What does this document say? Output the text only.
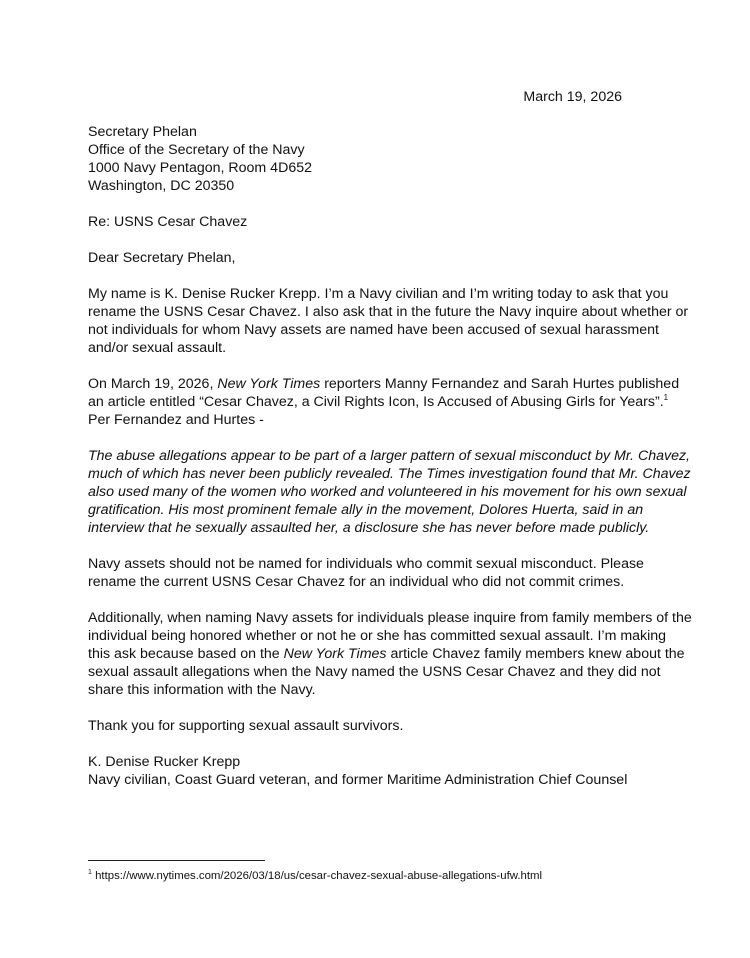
March 19, 2026
Secretary Phelan
Office of the Secretary of the Navy
1000 Navy Pentagon, Room 4D652
Washington, DC 20350
Re: USNS Cesar Chavez
Dear Secretary Phelan,
My name is K. Denise Rucker Krepp. I’m a Navy civilian and I’m writing today to ask that you
rename the USNS Cesar Chavez. I also ask that in the future the Navy inquire about whether or
not individuals for whom Navy assets are named have been accused of sexual harassment
and/or sexual assault.
On March 19, 2026, New York Times reporters Manny Fernandez and Sarah Hurtes published
an article entitled “Cesar Chavez, a Civil Rights Icon, Is Accused of Abusing Girls for Years”.$^1$
Per Fernandez and Hurtes -
The abuse allegations appear to be part of a larger pattern of sexual misconduct by Mr. Chavez,
much of which has never been publicly revealed. The Times investigation found that Mr. Chavez
also used many of the women who worked and volunteered in his movement for his own sexual
gratification. His most prominent female ally in the movement, Dolores Huerta, said in an
interview that he sexually assaulted her, a disclosure she has never before made publicly.
Navy assets should not be named for individuals who commit sexual misconduct. Please
rename the current USNS Cesar Chavez for an individual who did not commit crimes.
Additionally, when naming Navy assets for individuals please inquire from family members of the
individual being honored whether or not he or she has committed sexual assault. I’m making
this ask because based on the New York Times article Chavez family members knew about the
sexual assault allegations when the Navy named the USNS Cesar Chavez and they did not
share this information with the Navy.
Thank you for supporting sexual assault survivors.
K. Denise Rucker Krepp
Navy civilian, Coast Guard veteran, and former Maritime Administration Chief Counsel
$^1$ https://www.nytimes.com/2026/03/18/us/cesar-chavez-sexual-abuse-allegations-ufw.html
